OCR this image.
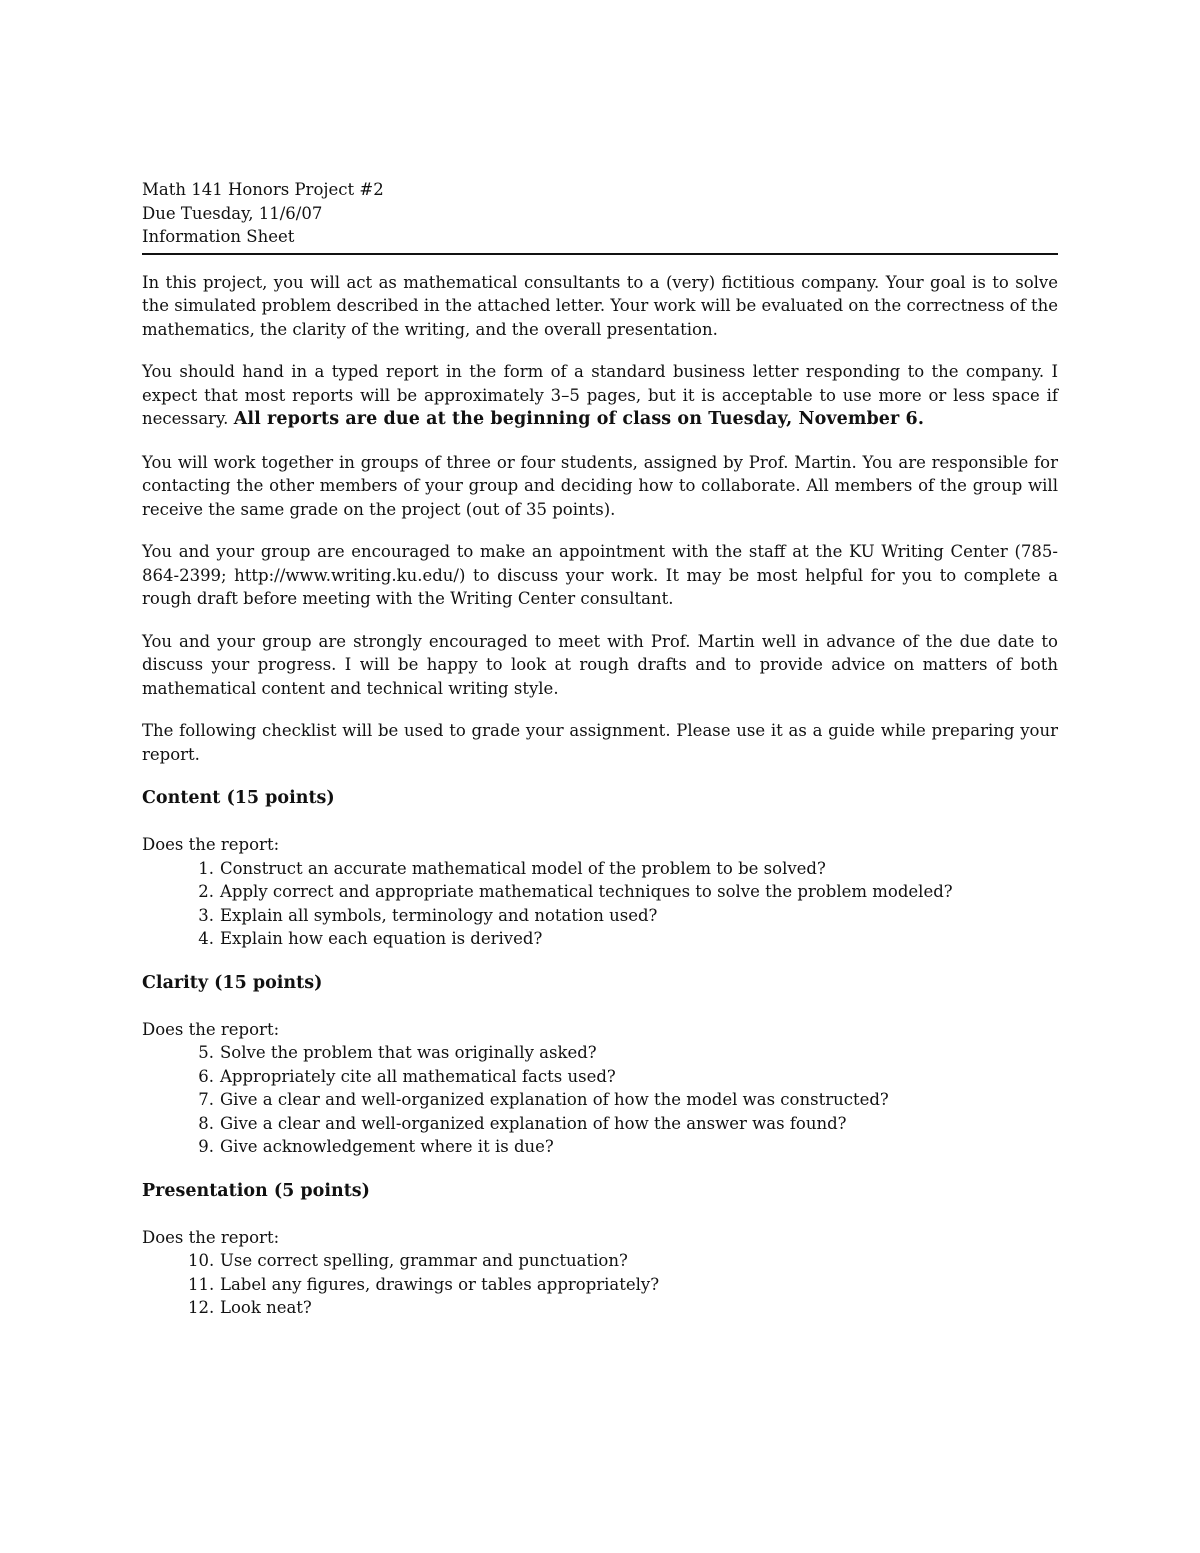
Math 141 Honors Project #2
Due Tuesday, 11/6/07
Information Sheet

In this project, you will act as mathematical consultants to a (very) fictitious company. Your goal is to solve the simulated problem described in the attached letter. Your work will be evaluated on the correctness of the mathematics, the clarity of the writing, and the overall presentation.

You should hand in a typed report in the form of a standard business letter responding to the company. I expect that most reports will be approximately 3–5 pages, but it is acceptable to use more or less space if necessary. All reports are due at the beginning of class on Tuesday, November 6.

You will work together in groups of three or four students, assigned by Prof. Martin. You are responsible for contacting the other members of your group and deciding how to collaborate. All members of the group will receive the same grade on the project (out of 35 points).

You and your group are encouraged to make an appointment with the staff at the KU Writing Center (785-864-2399; http://www.writing.ku.edu/) to discuss your work. It may be most helpful for you to complete a rough draft before meeting with the Writing Center consultant.

You and your group are strongly encouraged to meet with Prof. Martin well in advance of the due date to discuss your progress. I will be happy to look at rough drafts and to provide advice on matters of both mathematical content and technical writing style.

The following checklist will be used to grade your assignment. Please use it as a guide while preparing your report.

Content (15 points)
Does the report:
1. Construct an accurate mathematical model of the problem to be solved?
2. Apply correct and appropriate mathematical techniques to solve the problem modeled?
3. Explain all symbols, terminology and notation used?
4. Explain how each equation is derived?
Clarity (15 points)
Does the report:
5. Solve the problem that was originally asked?
6. Appropriately cite all mathematical facts used?
7. Give a clear and well-organized explanation of how the model was constructed?
8. Give a clear and well-organized explanation of how the answer was found?
9. Give acknowledgement where it is due?
Presentation (5 points)
Does the report:
10. Use correct spelling, grammar and punctuation?
11. Label any figures, drawings or tables appropriately?
12. Look neat?
